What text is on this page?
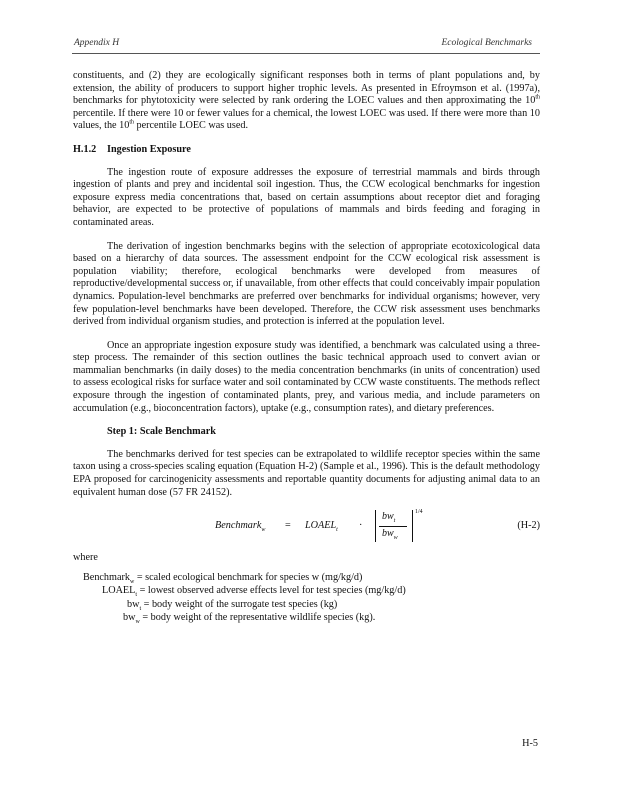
Appendix H	Ecological Benchmarks

constituents, and (2) they are ecologically significant responses both in terms of plant populations and, by extension, the ability of producers to support higher trophic levels. As presented in Efroymson et al. (1997a), benchmarks for phytotoxicity were selected by rank ordering the LOEC values and then approximating the 10th percentile. If there were 10 or fewer values for a chemical, the lowest LOEC was used. If there were more than 10 values, the 10th percentile LOEC was used.

H.1.2 Ingestion Exposure

The ingestion route of exposure addresses the exposure of terrestrial mammals and birds through ingestion of plants and prey and incidental soil ingestion. Thus, the CCW ecological benchmarks for ingestion exposure express media concentrations that, based on certain assumptions about receptor diet and foraging behavior, are expected to be protective of populations of mammals and birds feeding and foraging in contaminated areas.

The derivation of ingestion benchmarks begins with the selection of appropriate ecotoxicological data based on a hierarchy of data sources. The assessment endpoint for the CCW ecological risk assessment is population viability; therefore, ecological benchmarks were developed from measures of reproductive/developmental success or, if unavailable, from other effects that could conceivably impair population dynamics. Population-level benchmarks are preferred over benchmarks for individual organisms; however, very few population-level benchmarks have been developed. Therefore, the CCW risk assessment uses benchmarks derived from individual organism studies, and protection is inferred at the population level.

Once an appropriate ingestion exposure study was identified, a benchmark was calculated using a three-step process. The remainder of this section outlines the basic technical approach used to convert avian or mammalian benchmarks (in daily doses) to the media concentration benchmarks (in units of concentration) used to assess ecological risks for surface water and soil contaminated by CCW waste constituents. The methods reflect exposure through the ingestion of contaminated plants, prey, and various media, and include parameters on accumulation (e.g., bioconcentration factors), uptake (e.g., consumption rates), and dietary preferences.

Step 1: Scale Benchmark

The benchmarks derived for test species can be extrapolated to wildlife receptor species within the same taxon using a cross-species scaling equation (Equation H-2) (Sample et al., 1996). This is the default methodology EPA proposed for carcinogenicity assessments and reportable quantity documents for adjusting animal data to an equivalent human dose (57 FR 24152).

Benchmark$_w$ = $LOAEL_t$ ·
$bw_t$
$bw_w$
1/4
(H-2)
where
Benchmark$_w$ = scaled ecological benchmark for species w (mg/kg/d)
$LOAEL_t$ = lowest observed adverse effects level for test species (mg/kg/d)
$bw_t$ = body weight of the surrogate test species (kg)
$bw_w$ = body weight of the representative wildlife species (kg).
H-5
